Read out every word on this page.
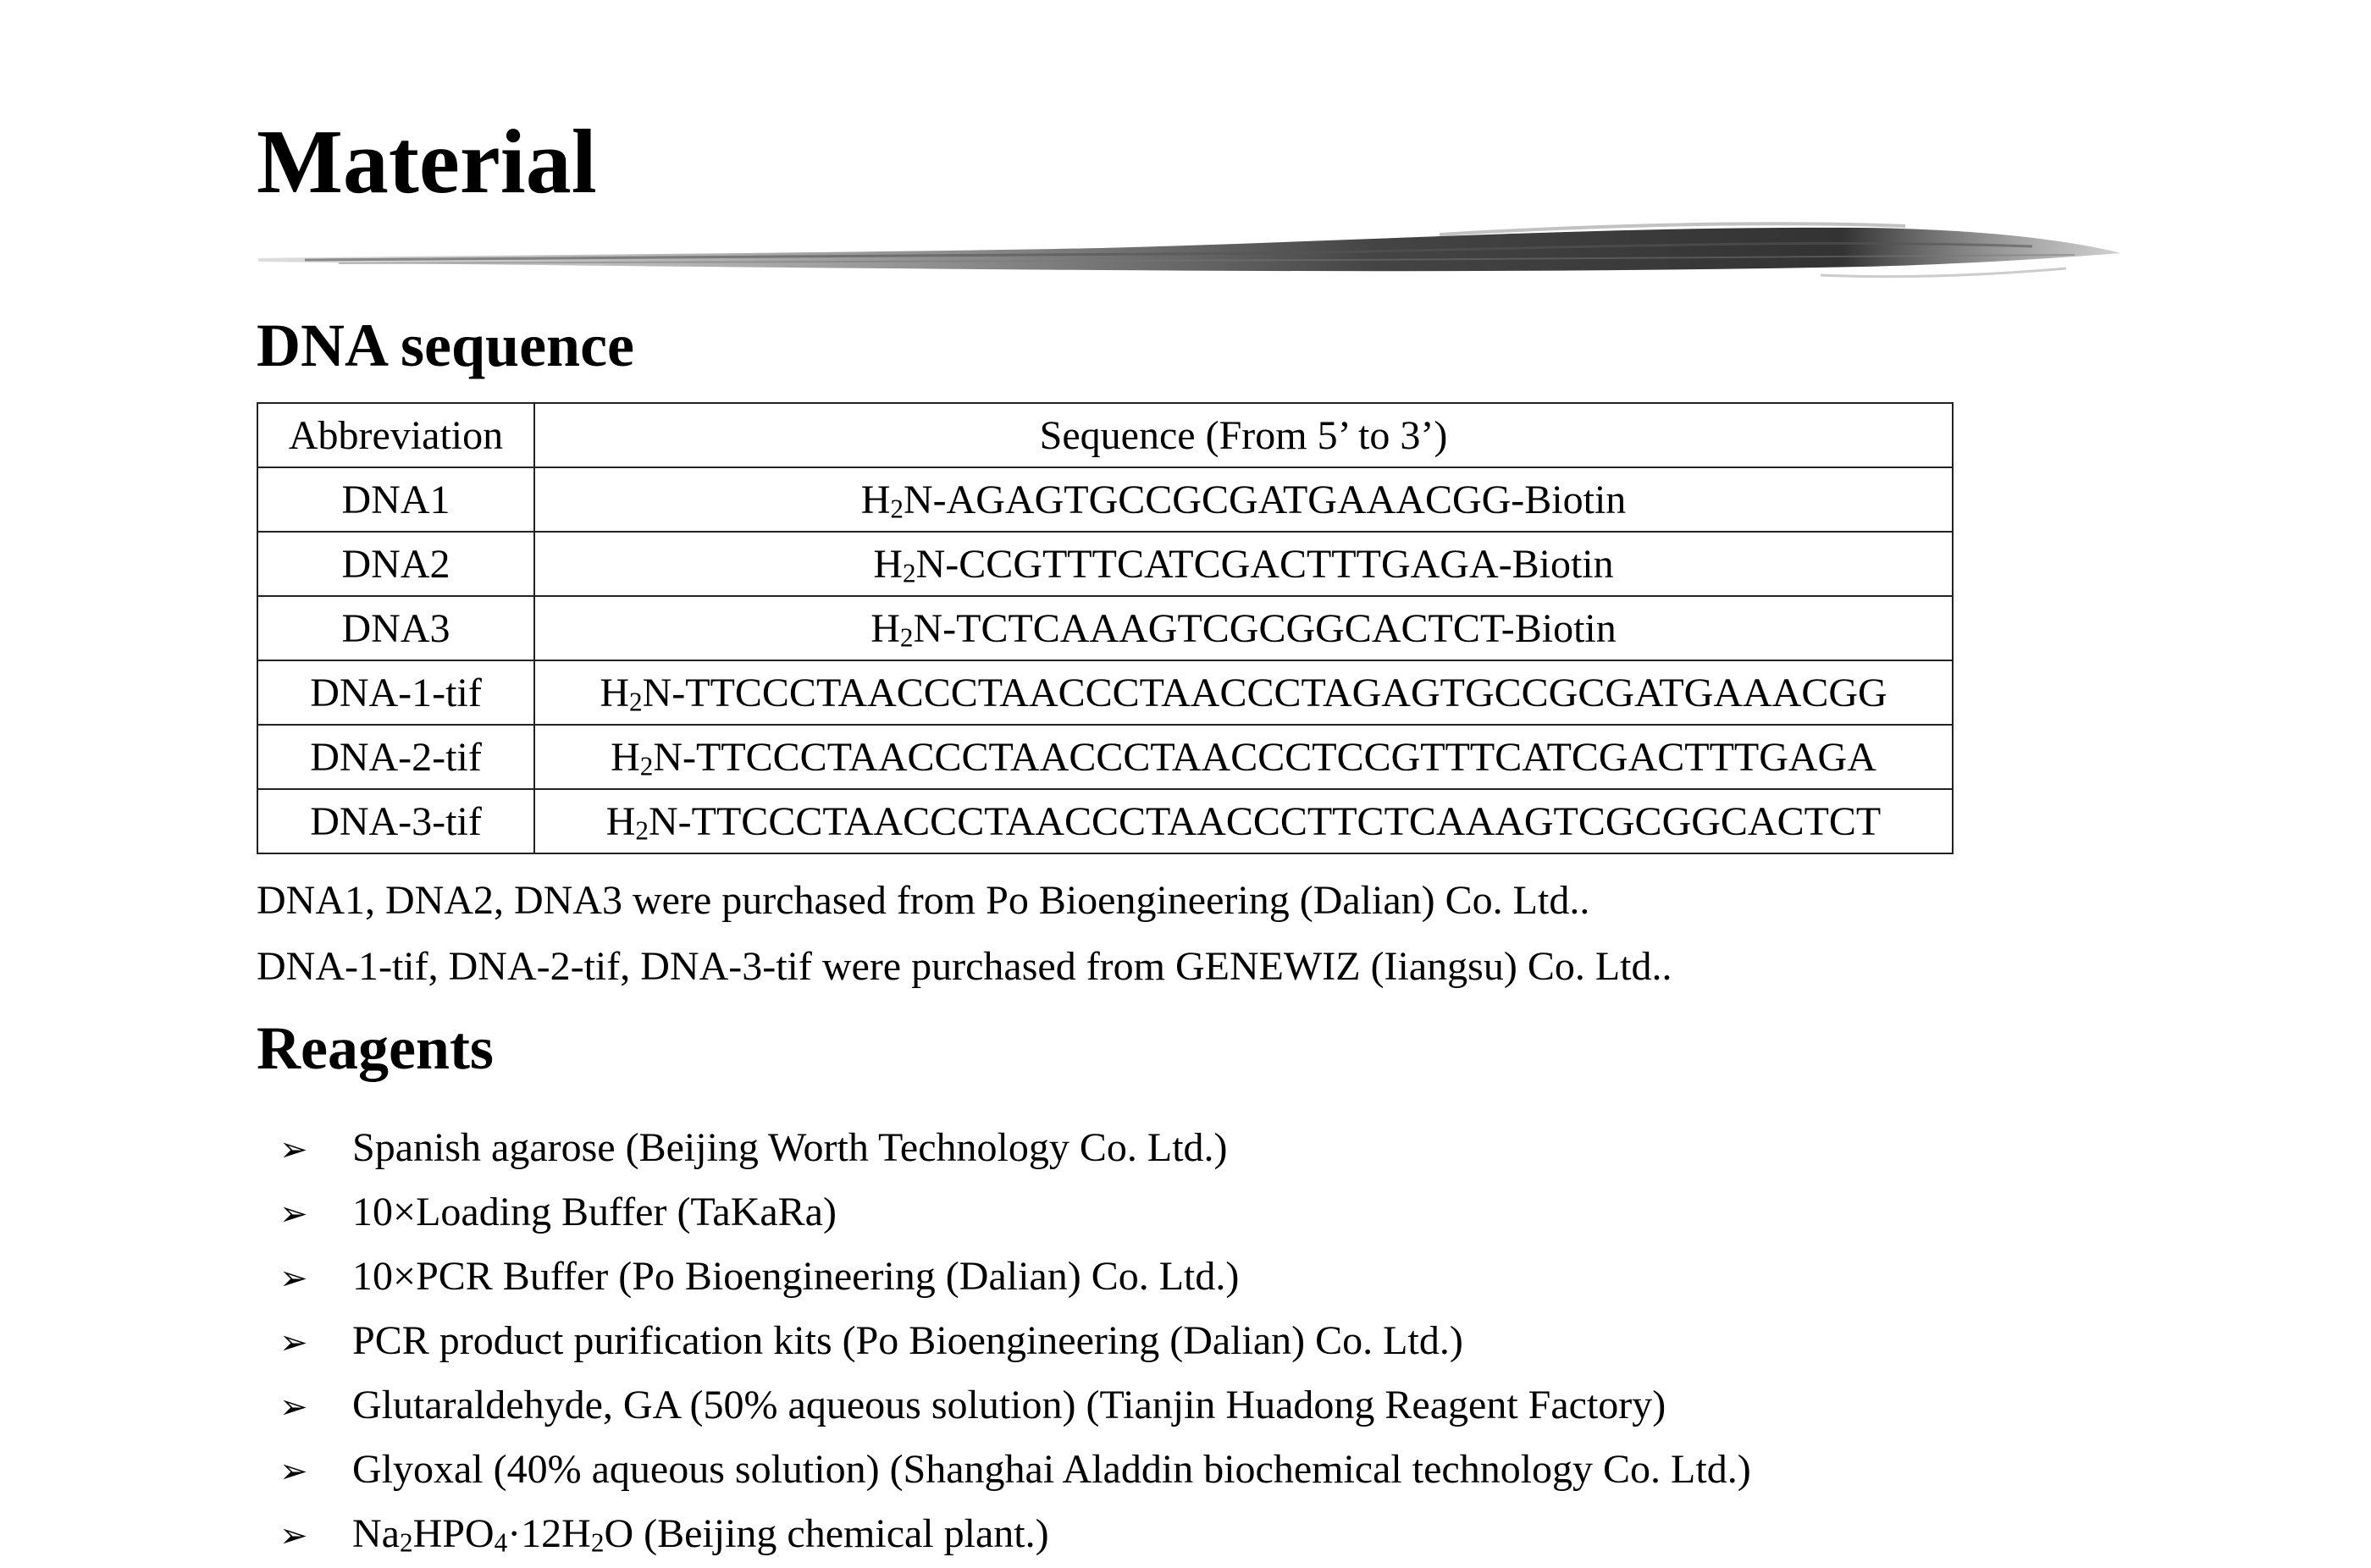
Material
DNA sequence
Abbreviation	Sequence (From 5’ to 3’)
DNA1	$H_2N-AGAGTGCCGCGATGAAACGG$-Biotin
DNA2	$H_2N-CCGTTTCATCGACTTTGAGA$-Biotin
DNA3	$H_2N-TCTCAAAGTCGCGGCACTCT$-Biotin
DNA-1-tif	$H_2N$-TTCCCTAACCCTAACCCTAACCCTAGAGTGCCGCGATGAAACGG
DNA-2-tif	$H_2N$-TTCCCTAACCCTAACCCTAACCCTCCGTTTCATCGACTTTGAGA
DNA-3-tif	$H_2N$-TTCCCTAACCCTAACCCTAACCCTTCTCAAAGTCGCGGCACTCT

DNA1, DNA2, DNA3 were purchased from Po Bioengineering (Dalian) Co. Ltd..

DNA-1-tif, DNA-2-tif, DNA-3-tif were purchased from GENEWIZ (Iiangsu) Co. Ltd..

Reagents
➢ Spanish agarose (Beijing Worth Technology Co. Ltd.)
➢ 10×Loading Buffer (TaKaRa)
➢ 10×PCR Buffer (Po Bioengineering (Dalian) Co. Ltd.)
➢ PCR product purification kits (Po Bioengineering (Dalian) Co. Ltd.)
➢ Glutaraldehyde, GA (50% aqueous solution) (Tianjin Huadong Reagent Factory)
➢ Glyoxal (40% aqueous solution) (Shanghai Aladdin biochemical technology Co. Ltd.)
➢ $Na_2HPO_4\cdot 12H_2O$ (Beijing chemical plant.)
